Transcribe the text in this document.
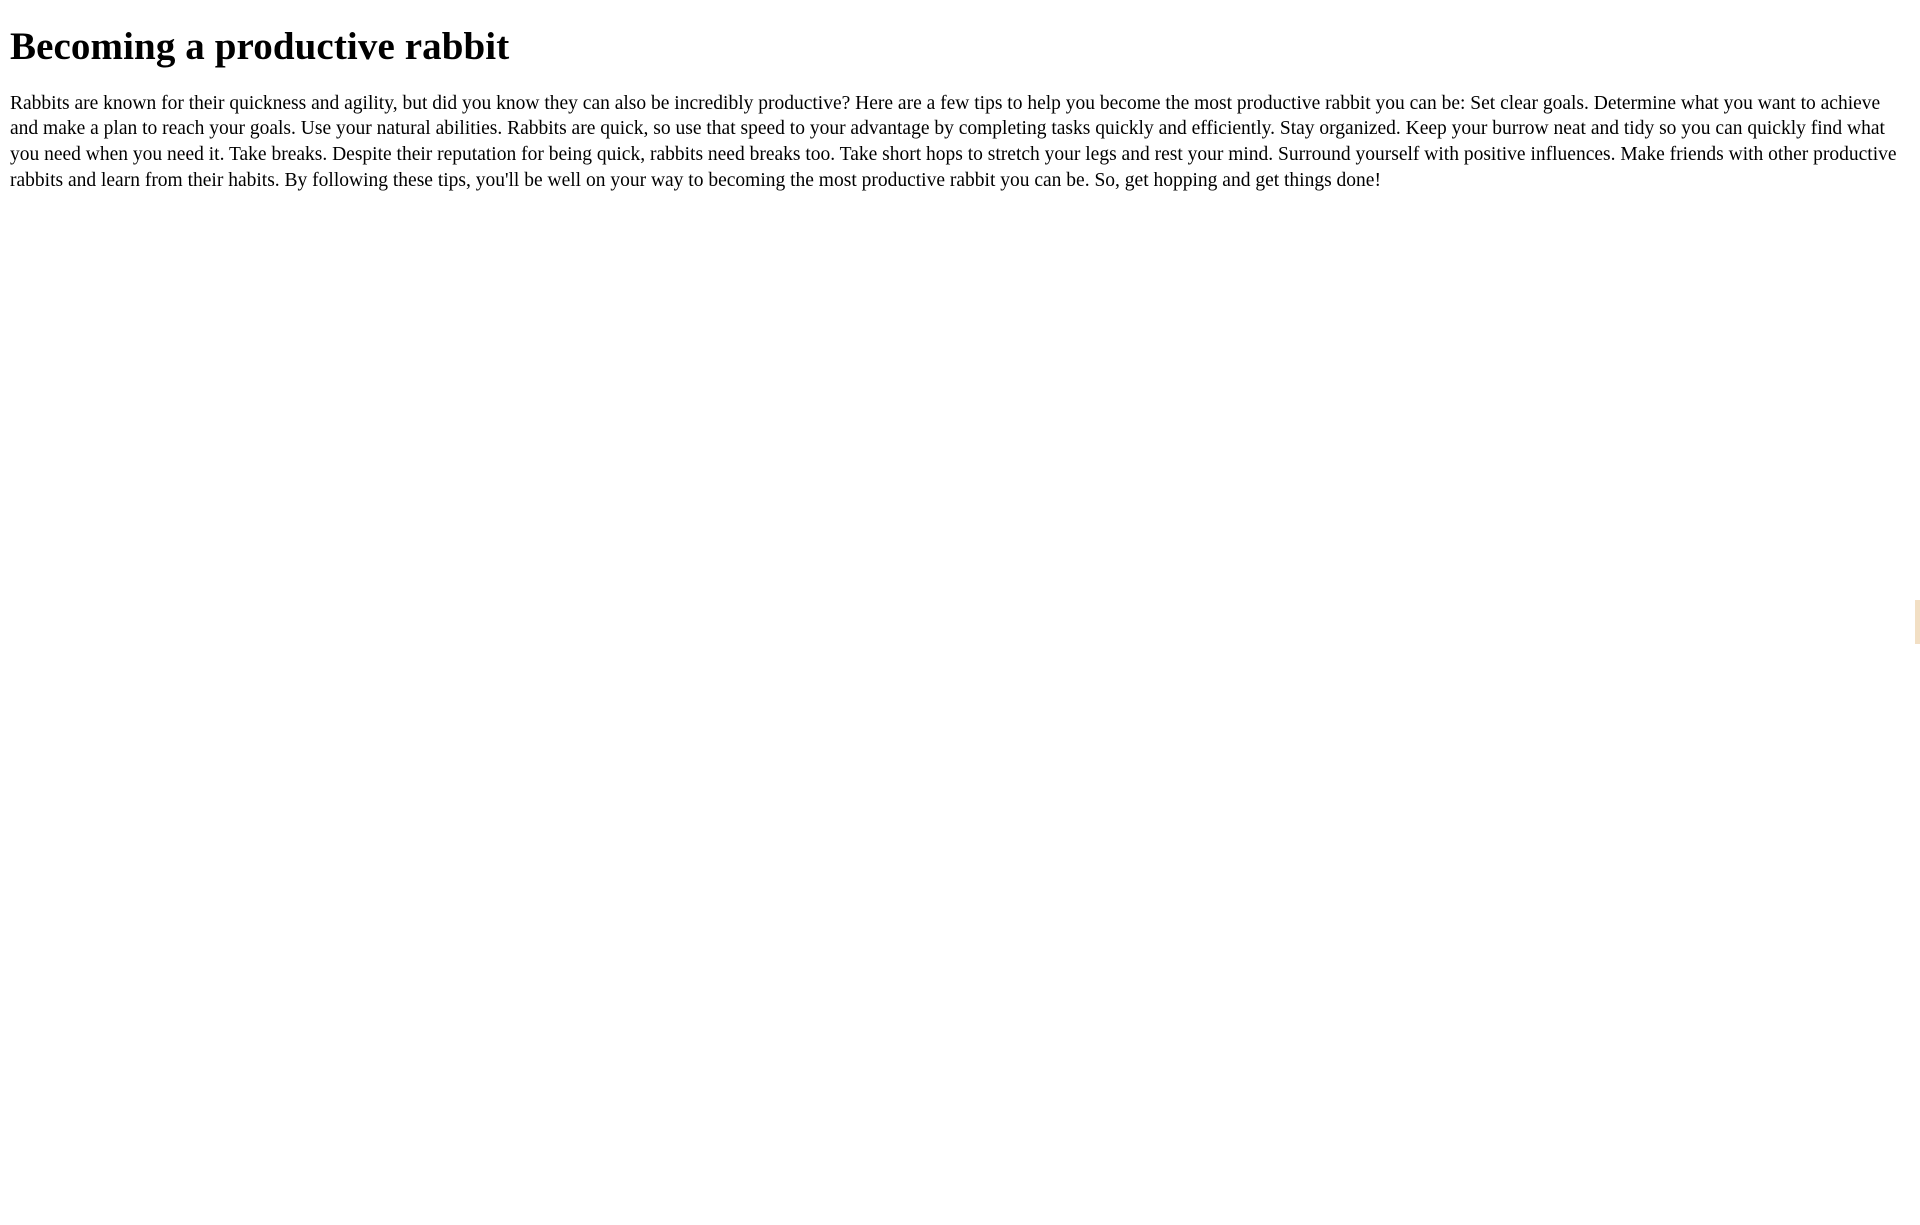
Becoming a productive rabbit

Rabbits are known for their quickness and agility, but did you know they can also be incredibly productive? Here are a few tips to help you become the most productive rabbit you can be: Set clear goals. Determine what you want to achieve and make a plan to reach your goals. Use your natural abilities. Rabbits are quick, so use that speed to your advantage by completing tasks quickly and efficiently. Stay organized. Keep your burrow neat and tidy so you can quickly find what you need when you need it. Take breaks. Despite their reputation for being quick, rabbits need breaks too. Take short hops to stretch your legs and rest your mind. Surround yourself with positive influences. Make friends with other productive rabbits and learn from their habits. By following these tips, you'll be well on your way to becoming the most productive rabbit you can be. So, get hopping and get things done!
